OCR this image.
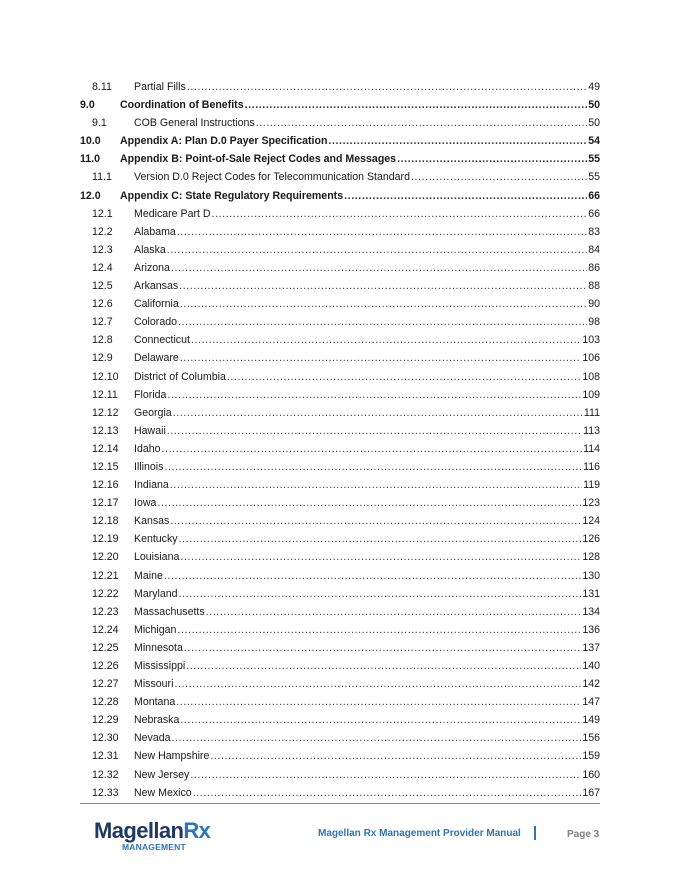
8.11 Partial Fills .....	49
9.0 Coordination of Benefits .....	50
9.1	COB General Instructions .....	50
10.0 Appendix A: Plan D.0 Payer Specification .....	54
11.0 Appendix B: Point-of-Sale Reject Codes and Messages .....	55
11.1 Version D.0 Reject Codes for Telecommunication Standard .....	55
12.0 Appendix C: State Regulatory Requirements .....	66
12.1 Medicare Part D .....	66
12.2 Alabama .....	83
12.3 Alaska .....	84
12.4 Arizona .....	86
12.5 Arkansas .....	88
12.6 California .....	90
12.7 Colorado .....	98
12.8 Connecticut .....	103
12.9 Delaware .....	106
12.10 District of Columbia .....	108
12.11 Florida .....	109
12.12 Georgia .....	111
12.13 Hawaii .....	113
12.14 Idaho .....	114
12.15 Illinois .....	116
12.16 Indiana .....	119
12.17 Iowa .....	123
12.18 Kansas .....	124
12.19 Kentucky .....	126
12.20 Louisiana .....	128
12.21 Maine .....	130
12.22 Maryland .....	131
12.23 Massachusetts .....	134
12.24 Michigan .....	136
12.25 Minnesota .....	137
12.26 Mississippi .....	140
12.27 Missouri .....	142
12.28 Montana .....	147
12.29 Nebraska .....	149
12.30 Nevada .....	156
12.31 New Hampshire .....	159
12.32 New Jersey .....	160
12.33 New Mexico .....	167
MagellanRx
MANAGEMENT
Magellan Rx Management Provider Manual	Page 3
